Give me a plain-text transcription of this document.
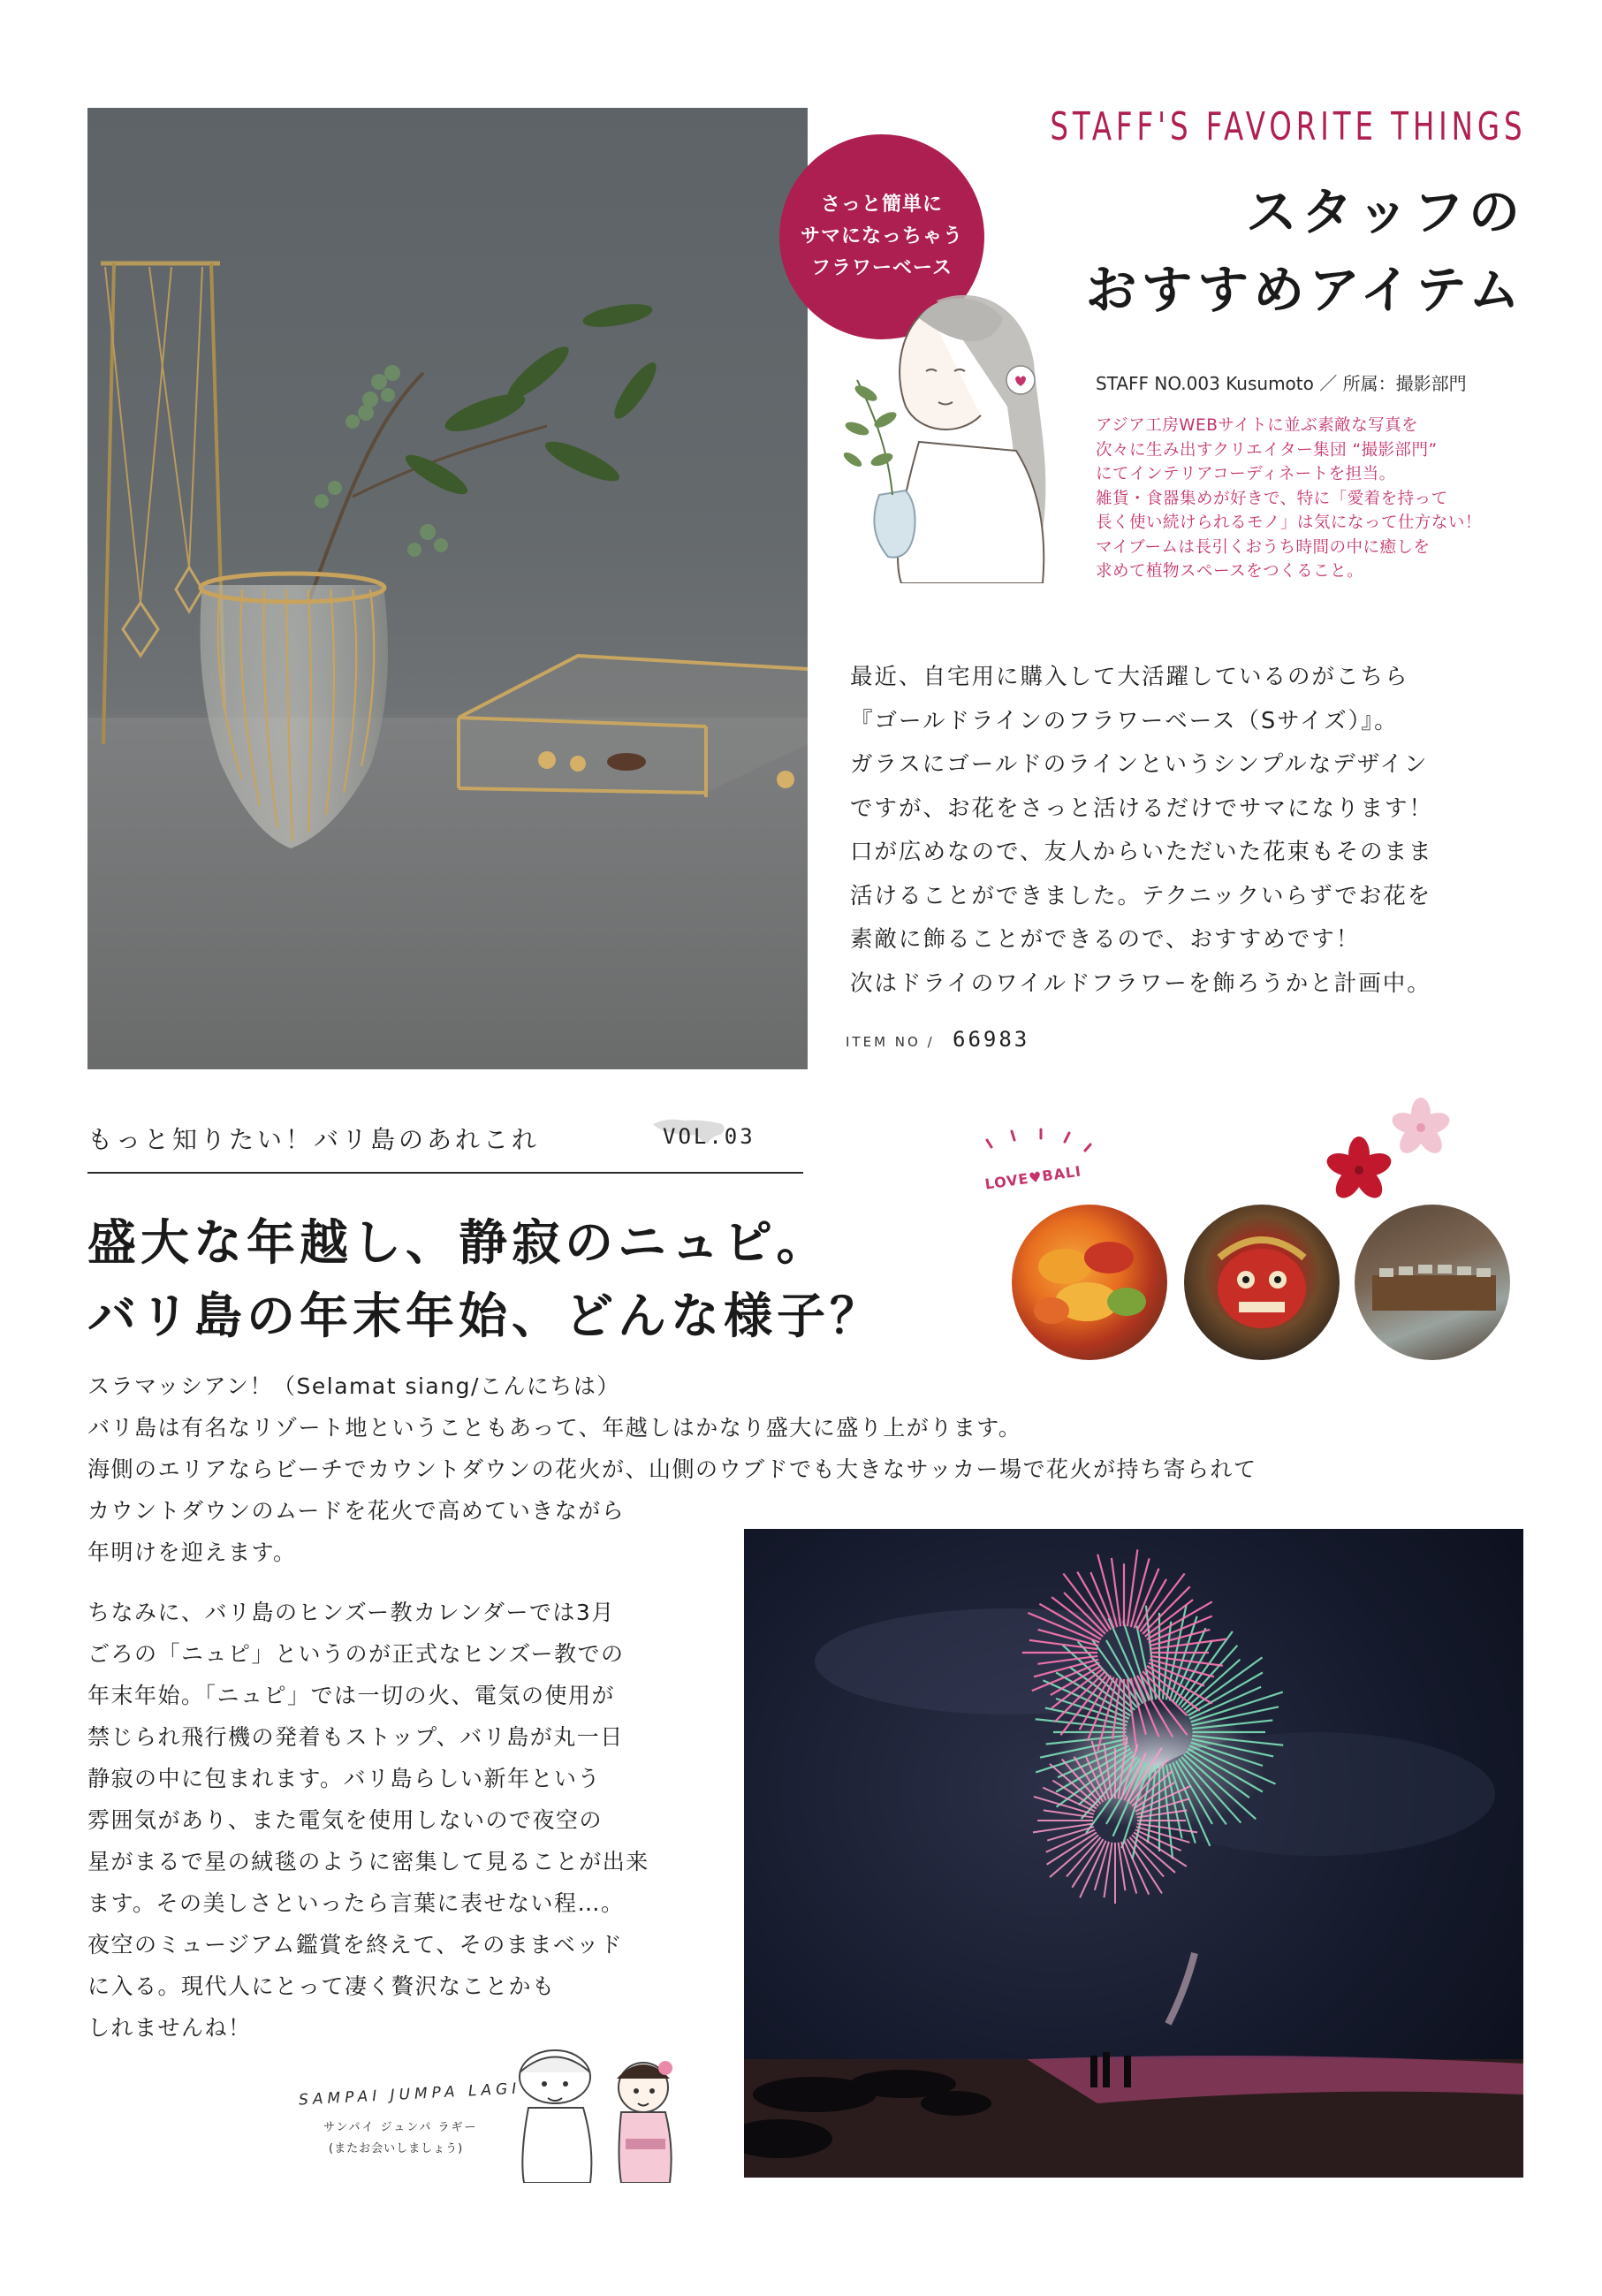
STAFF'S FAVORITE THINGS
スタッフの
おすすめアイテム
さっと簡単に
サマになっちゃう
フラワーベース
STAFF NO.003 Kusumoto ／ 所属：撮影部門
アジア工房WEBサイトに並ぶ素敵な写真を
次々に生み出すクリエイター集団 “撮影部門”
にてインテリアコーディネートを担当。
雑貨・食器集めが好きで、特に「愛着を持って
長く使い続けられるモノ」は気になって仕方ない！
マイブームは長引くおうち時間の中に癒しを
求めて植物スペースをつくること。
最近、自宅用に購入して大活躍しているのがこちら
『ゴールドラインのフラワーベース（Sサイズ）』。
ガラスにゴールドのラインというシンプルなデザイン
ですが、お花をさっと活けるだけでサマになります！
口が広めなので、友人からいただいた花束もそのまま
活けることができました。テクニックいらずでお花を
素敵に飾ることができるので、おすすめです！
次はドライのワイルドフラワーを飾ろうかと計画中。
ITEM NO / 66983
もっと知りたい！バリ島のあれこれ	VOL.03
盛大な年越し、静寂のニュピ。
バリ島の年末年始、どんな様子？
LOVE♥BALI
スラマッシアン！（Selamat siang/こんにちは）
バリ島は有名なリゾート地ということもあって、年越しはかなり盛大に盛り上がります。
海側のエリアならビーチでカウントダウンの花火が、山側のウブドでも大きなサッカー場で花火が持ち寄られて
カウントダウンのムードを花火で高めていきながら
年明けを迎えます。
ちなみに、バリ島のヒンズー教カレンダーでは3月
ごろの「ニュピ」というのが正式なヒンズー教での
年末年始。「ニュピ」では一切の火、電気の使用が
禁じられ飛行機の発着もストップ、バリ島が丸一日
静寂の中に包まれます。バリ島らしい新年という
雰囲気があり、また電気を使用しないので夜空の
星がまるで星の絨毯のように密集して見ることが出来
ます。その美しさといったら言葉に表せない程…。
夜空のミュージアム鑑賞を終えて、そのままベッド
に入る。現代人にとって凄く贅沢なことかも
しれませんね！
SAMPAI JUMPA LAGI
サンパイ ジュンパ ラギー
(またお会いしましょう)
